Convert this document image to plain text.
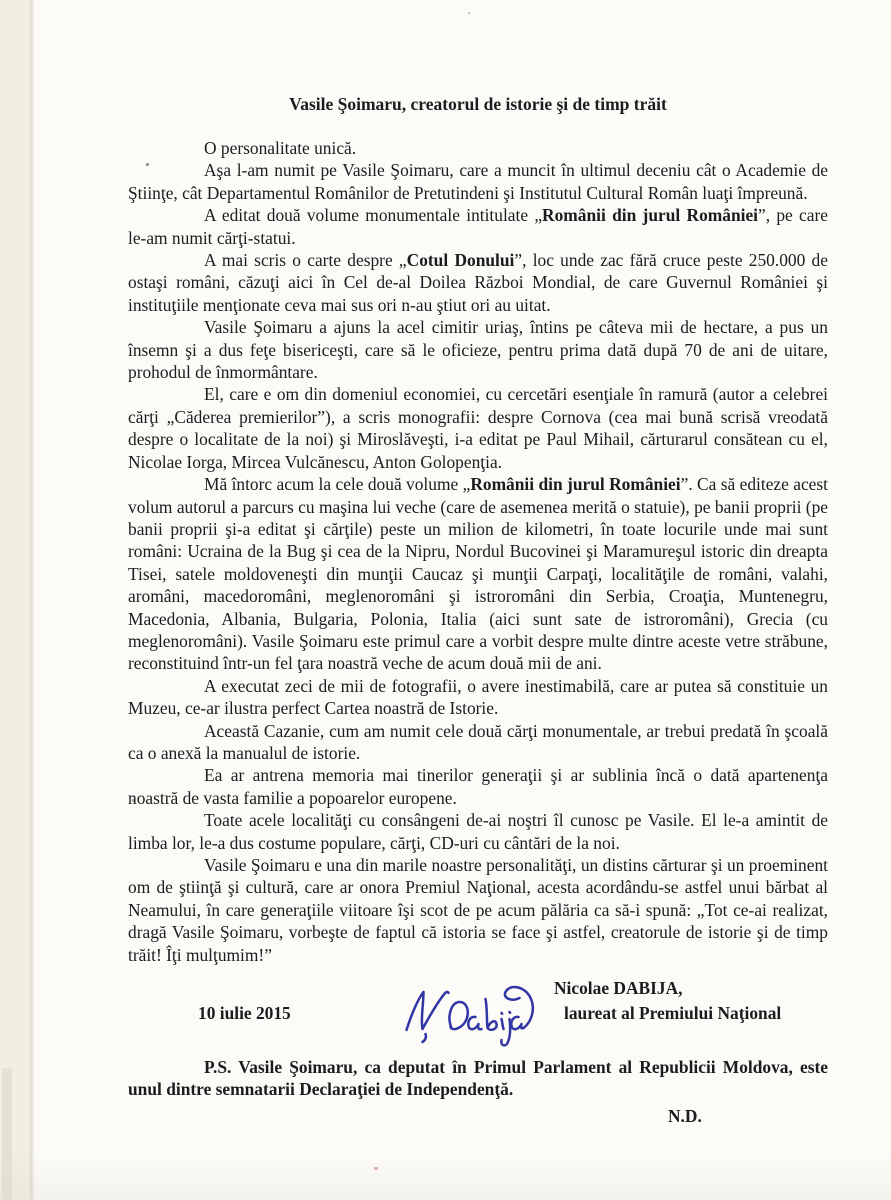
Vasile Şoimaru, creatorul de istorie şi de timp trăit

O personalitate unică.

Aşa l-am numit pe Vasile Şoimaru, care a muncit în ultimul deceniu cât o Academie de Ştiinţe, cât Departamentul Românilor de Pretutindeni şi Institutul Cultural Român luaţi împreună.

A editat două volume monumentale intitulate „Românii din jurul României”, pe care le-am numit cărţi-statui.

A mai scris o carte despre „Cotul Donului”, loc unde zac fără cruce peste 250.000 de ostaşi români, căzuţi aici în Cel de-al Doilea Război Mondial, de care Guvernul României şi instituţiile menţionate ceva mai sus ori n-au ştiut ori au uitat.

Vasile Şoimaru a ajuns la acel cimitir uriaş, întins pe câteva mii de hectare, a pus un însemn şi a dus feţe bisericeşti, care să le oficieze, pentru prima dată după 70 de ani de uitare, prohodul de înmormântare.

El, care e om din domeniul economiei, cu cercetări esenţiale în ramură (autor a celebrei cărţi „Căderea premierilor”), a scris monografii: despre Cornova (cea mai bună scrisă vreodată despre o localitate de la noi) şi Miroslăveşti, i-a editat pe Paul Mihail, cărturarul consătean cu el, Nicolae Iorga, Mircea Vulcănescu, Anton Golopenţia.

Mă întorc acum la cele două volume „Românii din jurul României”. Ca să editeze acest volum autorul a parcurs cu maşina lui veche (care de asemenea merită o statuie), pe banii proprii (pe banii proprii şi-a editat şi cărţile) peste un milion de kilometri, în toate locurile unde mai sunt români: Ucraina de la Bug şi cea de la Nipru, Nordul Bucovinei şi Maramureşul istoric din dreapta Tisei, satele moldoveneşti din munţii Caucaz şi munţii Carpaţi, localităţile de români, valahi, aromâni, macedoromâni, meglenoromâni şi istroromâni din Serbia, Croaţia, Muntenegru, Macedonia, Albania, Bulgaria, Polonia, Italia (aici sunt sate de istroromâni), Grecia (cu meglenoromâni). Vasile Şoimaru este primul care a vorbit despre multe dintre aceste vetre străbune, reconstituind într-un fel ţara noastră veche de acum două mii de ani.

A executat zeci de mii de fotografii, o avere inestimabilă, care ar putea să constituie un Muzeu, ce-ar ilustra perfect Cartea noastră de Istorie.

Această Cazanie, cum am numit cele două cărţi monumentale, ar trebui predată în şcoală ca o anexă la manualul de istorie.

Ea ar antrena memoria mai tinerilor generaţii şi ar sublinia încă o dată apartenenţa noastră de vasta familie a popoarelor europene.

Toate acele localităţi cu consângeni de-ai noştri îl cunosc pe Vasile. El le-a amintit de limba lor, le-a dus costume populare, cărţi, CD-uri cu cântări de la noi.

Vasile Şoimaru e una din marile noastre personalităţi, un distins cărturar şi un proeminent om de ştiinţă şi cultură, care ar onora Premiul Naţional, acesta acordându-se astfel unui bărbat al Neamului, în care generaţiile viitoare îşi scot de pe acum pălăria ca să-i spună: „Tot ce-ai realizat, dragă Vasile Şoimaru, vorbeşte de faptul că istoria se face şi astfel, creatorule de istorie şi de timp trăit! Îţi mulţumim!”

10 iulie 2015
Nicolae DABIJA,
laureat al Premiului Naţional

P.S. Vasile Şoimaru, ca deputat în Primul Parlament al Republicii Moldova, este unul dintre semnatarii Declaraţiei de Independenţă.

N.D.
